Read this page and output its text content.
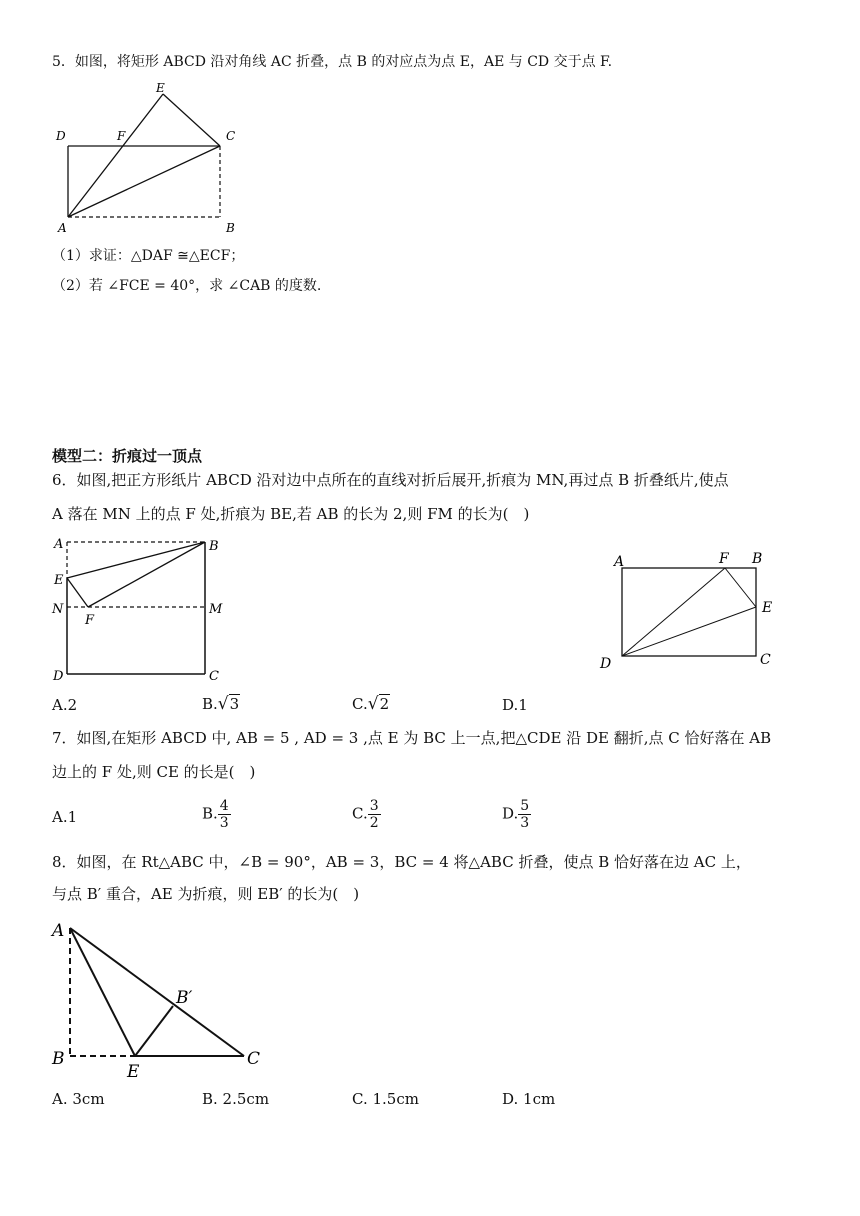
5．如图，将矩形 ABCD 沿对角线 AC 折叠，点 B 的对应点为点 E，AE 与 CD 交于点 F.
E
D	F	C
A	B
（1）求证：△DAF ≅△ECF；
（2）若 ∠FCE = 40°，求 ∠CAB 的度数.
模型二：折痕过一顶点
6．如图,把正方形纸片 ABCD 沿对边中点所在的直线对折后展开,折痕为 MN,再过点 B 折叠纸片,使点
A 落在 MN 上的点 F 处,折痕为 BE,若 AB 的长为 2,则 FM 的长为(　)
A	B
E
N	M
F
D	C
A	F B
E
D	C
A.2	B.√3	C.√2	D.1
7．如图,在矩形 ABCD 中, AB = 5 , AD = 3 ,点 E 为 BC 上一点,把△CDE 沿 DE 翻折,点 C 恰好落在 AB
边上的 F 处,则 CE 的长是(　)
A.1	B. $\frac{4}{3}$	C. $\frac{3}{2}$	D. $\frac{5}{3}$
8．如图，在 Rt△ABC 中，∠B = 90°，AB = 3，BC = 4 将△ABC 折叠，使点 B 恰好落在边 AC 上，
与点 B′ 重合，AE 为折痕，则 EB′ 的长为(　)
A
B′
B
E
C
A. 3cm	B. 2.5cm	C. 1.5cm	D. 1cm
